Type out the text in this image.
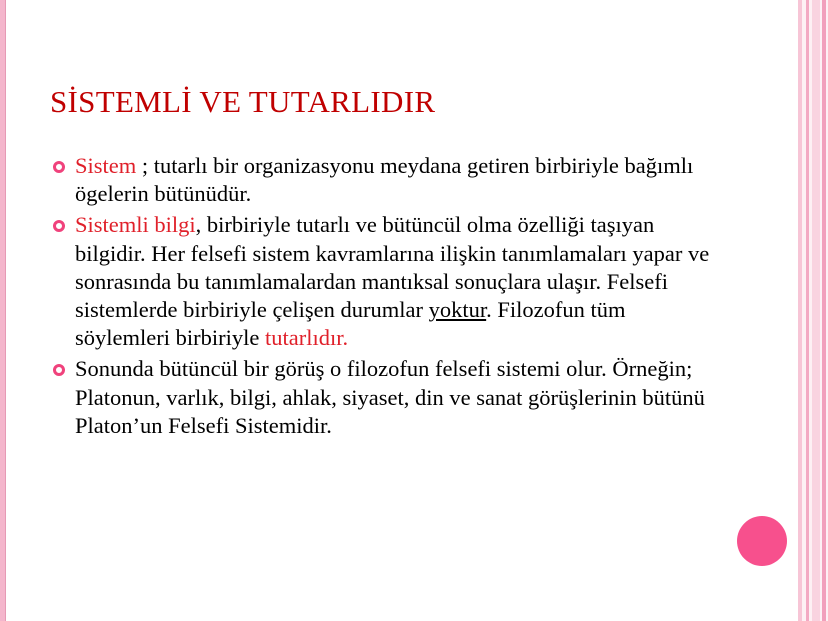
SİSTEMLİ VE TUTARLIDIR
Sistem ; tutarlı bir organizasyonu meydana getiren birbiriyle bağımlı ögelerin bütünüdür.
Sistemli bilgi, birbiriyle tutarlı ve bütüncül olma özelliği taşıyan bilgidir. Her felsefi sistem kavramlarına ilişkin tanımlamaları yapar ve sonrasında bu tanımlamalardan mantıksal sonuçlara ulaşır. Felsefi sistemlerde birbiriyle çelişen durumlar yoktur. Filozofun tüm söylemleri birbiriyle tutarlıdır.
Sonunda bütüncül bir görüş o filozofun felsefi sistemi olur. Örneğin; Platonun, varlık, bilgi, ahlak, siyaset, din ve sanat görüşlerinin bütünü Platon’un Felsefi Sistemidir.
